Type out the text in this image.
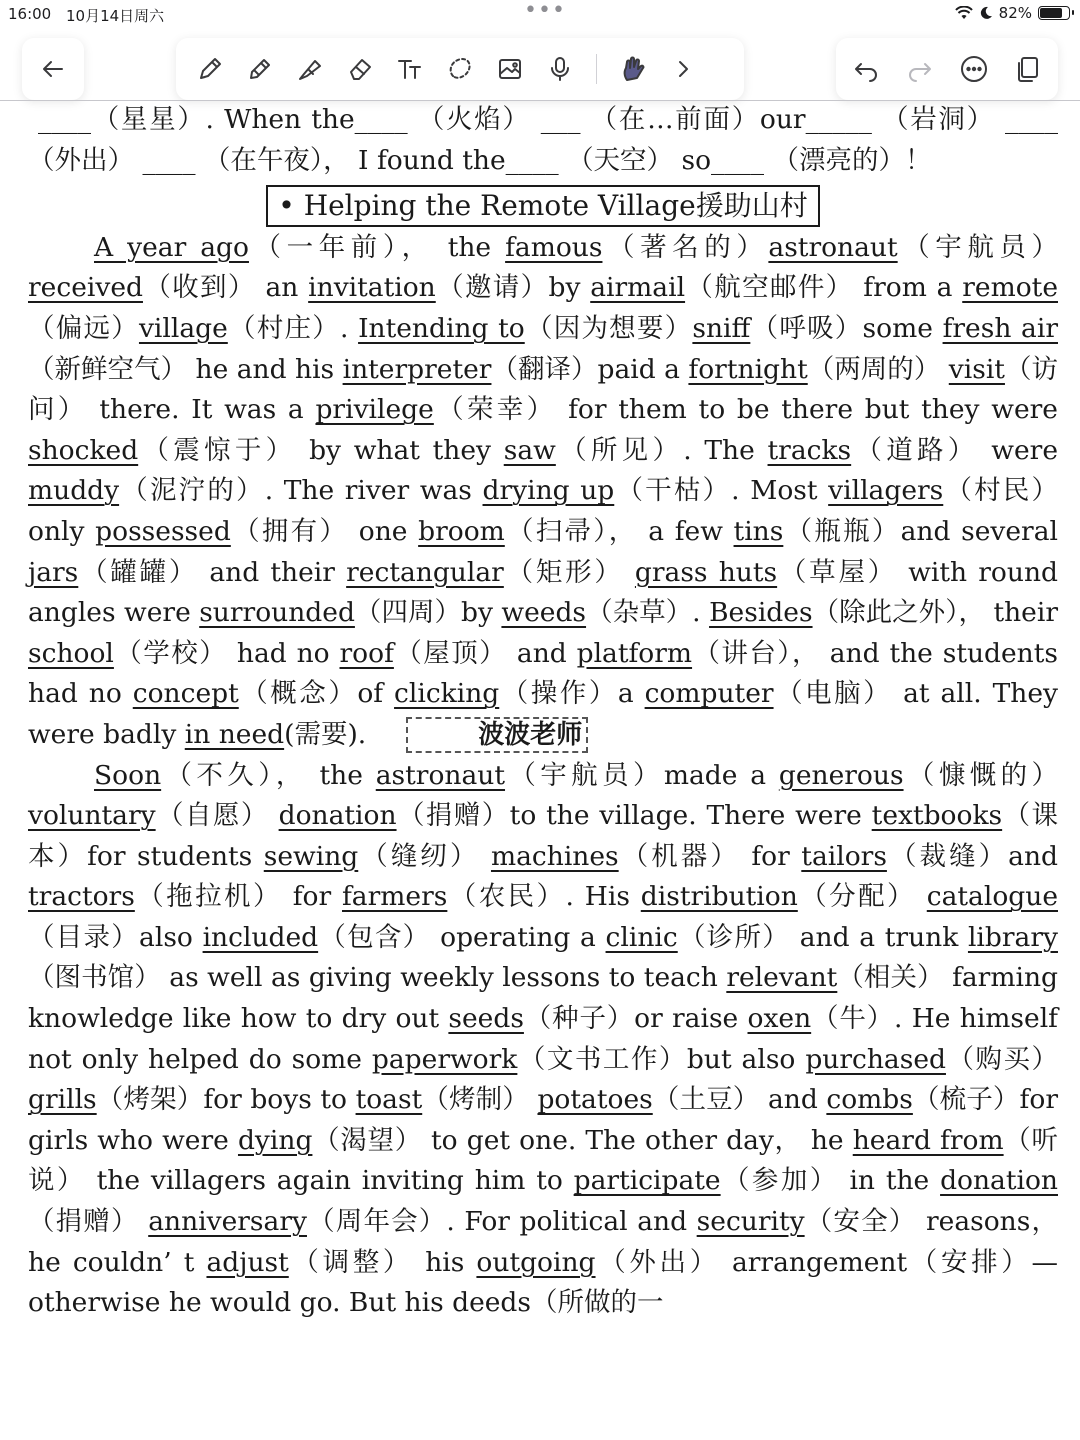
16:00 10月14日周六	•••	82%

____（星星）. When the____ （火焰） ___ （在…前面）our_____ （岩洞） ____ （外出） ____ （在午夜）， I found the____ （天空） so____ （漂亮的）！

• Helping the Remote Village援助山村

A year ago（一年前）， the famous（著名的）astronaut（宇航员） received（收到） an invitation（邀请）by airmail（航空邮件） from a remote（偏远）village（村庄）. Intending to（因为想要）sniff（呼吸）some fresh air（新鲜空气） he and his interpreter（翻译）paid a fortnight（两周的） visit（访问） there. It was a privilege（荣幸） for them to be there but they were shocked（震惊于） by what they saw（所见）. The tracks（道路） were muddy（泥泞的）. The river was drying up（干枯）. Most villagers（村民） only possessed（拥有） one broom（扫帚）， a few tins（瓶瓶）and several jars（罐罐） and their rectangular（矩形） grass huts（草屋） with round angles were surrounded（四周）by weeds（杂草）. Besides（除此之外）， their school（学校） had no roof（屋顶） and platform（讲台）， and the students had no concept（概念）of clicking（操作）a computer（电脑） at all. They were badly in need(需要).	波波老师

Soon（不久）， the astronaut（宇航员）made a generous（慷慨的）voluntary（自愿） donation（捐赠）to the village. There were textbooks（课本）for students sewing（缝纫） machines（机器） for tailors（裁缝）and tractors（拖拉机） for farmers（农民）. His distribution（分配） catalogue（目录）also included（包含） operating a clinic（诊所） and a trunk library（图书馆） as well as giving weekly lessons to teach relevant（相关） farming knowledge like how to dry out seeds（种子）or raise oxen（牛）. He himself not only helped do some paperwork（文书工作）but also purchased（购买）grills（烤架）for boys to toast（烤制） potatoes（土豆） and combs（梳子）for girls who were dying（渴望） to get one. The other day， he heard from（听说） the villagers again inviting him to participate（参加） in the donation（捐赠） anniversary（周年会）. For political and security（安全） reasons， he couldn’ t adjust（调整） his outgoing（外出） arrangement（安排）—otherwise he would go. But his deeds（所做的一
